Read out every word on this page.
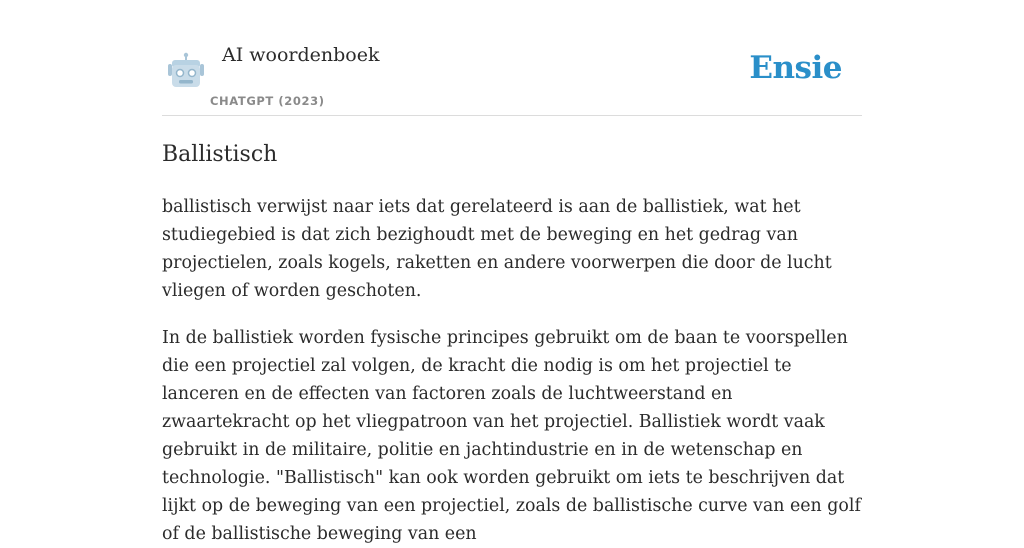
AI woordenboek
CHATGPT (2023)
Ensie
Ballistisch

ballistisch verwijst naar iets dat gerelateerd is aan de ballistiek, wat het studiegebied is dat zich bezighoudt met de beweging en het gedrag van projectielen, zoals kogels, raketten en andere voorwerpen die door de lucht vliegen of worden geschoten.

In de ballistiek worden fysische principes gebruikt om de baan te voorspellen die een projectiel zal volgen, de kracht die nodig is om het projectiel te lanceren en de effecten van factoren zoals de luchtweerstand en zwaartekracht op het vliegpatroon van het projectiel. Ballistiek wordt vaak gebruikt in de militaire, politie en jachtindustrie en in de wetenschap en technologie. "Ballistisch" kan ook worden gebruikt om iets te beschrijven dat lijkt op de beweging van een projectiel, zoals de ballistische curve van een golf of de ballistische beweging van een
